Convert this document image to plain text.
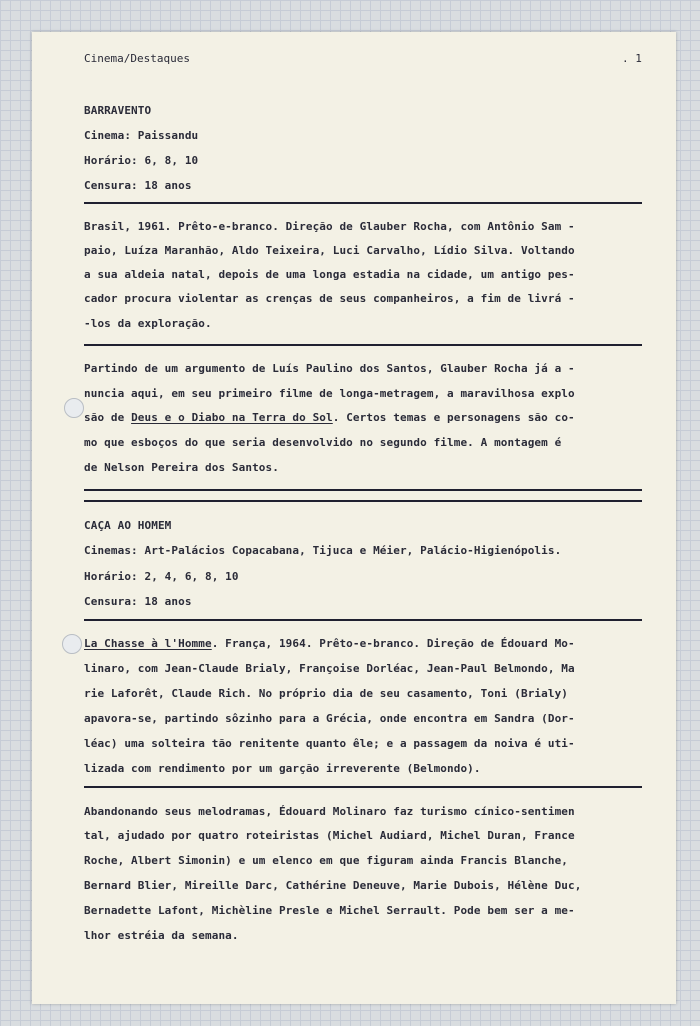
Cinema/Destaques	. 1
BARRAVENTO
Cinema: Paissandu
Horário: 6, 8, 10
Censura: 18 anos
Brasil, 1961. Prêto-e-branco. Direção de Glauber Rocha, com Antônio Sam -
paio, Luíza Maranhão, Aldo Teixeira, Luci Carvalho, Lídio Silva. Voltando
a sua aldeia natal, depois de uma longa estadia na cidade, um antigo pes-
cador procura violentar as crenças de seus companheiros, a fim de livrá -
-los da exploração.
Partindo de um argumento de Luís Paulino dos Santos, Glauber Rocha já a -
nuncia aqui, em seu primeiro filme de longa-metragem, a maravilhosa explo
são de Deus e o Diabo na Terra do Sol. Certos temas e personagens são co-
mo que esboços do que seria desenvolvido no segundo filme. A montagem é
de Nelson Pereira dos Santos.
CAÇA AO HOMEM
Cinemas: Art-Palácios Copacabana, Tijuca e Méier, Palácio-Higienópolis.
Horário: 2, 4, 6, 8, 10
Censura: 18 anos
La Chasse à l'Homme. França, 1964. Prêto-e-branco. Direção de Édouard Mo-
linaro, com Jean-Claude Brialy, Françoise Dorléac, Jean-Paul Belmondo, Ma
rie Laforêt, Claude Rich. No próprio dia de seu casamento, Toni (Brialy)
apavora-se, partindo sôzinho para a Grécia, onde encontra em Sandra (Dor-
léac) uma solteira tão renitente quanto êle; e a passagem da noiva é uti-
lizada com rendimento por um garção irreverente (Belmondo).
Abandonando seus melodramas, Édouard Molinaro faz turismo cínico-sentimen
tal, ajudado por quatro roteiristas (Michel Audiard, Michel Duran, France
Roche, Albert Simonin) e um elenco em que figuram ainda Francis Blanche,
Bernard Blier, Mireille Darc, Cathérine Deneuve, Marie Dubois, Hélène Duc,
Bernadette Lafont, Michèline Presle e Michel Serrault. Pode bem ser a me-
lhor estréia da semana.
